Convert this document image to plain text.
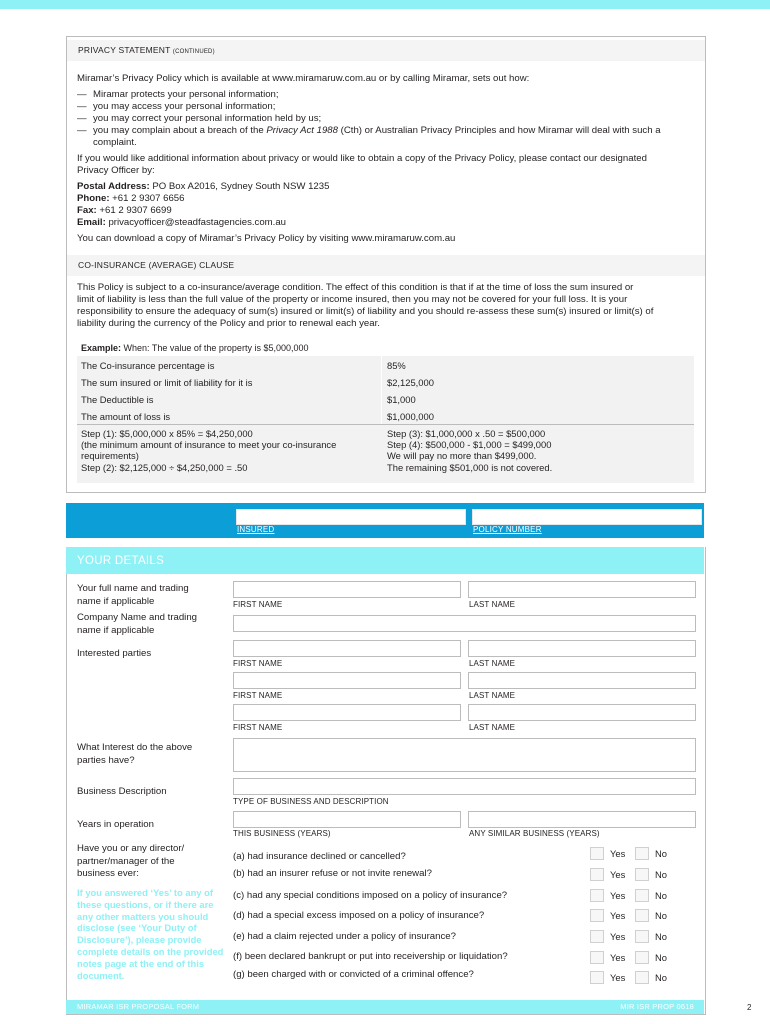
PRIVACY STATEMENT (CONTINUED)
CO-INSURANCE (AVERAGE) CLAUSE
Miramar’s Privacy Policy which is available at www.miramaruw.com.au or by calling Miramar, sets out how:
— Miramar protects your personal information;
— you may access your personal information;
— you may correct your personal information held by us;
— you may complain about a breach of the Privacy Act 1988 (Cth) or Australian Privacy Principles and how Miramar will deal with such a
complaint.
If you would like additional information about privacy or would like to obtain a copy of the Privacy Policy, please contact our designated
Privacy Officer by:
Postal Address: PO Box A2016, Sydney South NSW 1235
Phone: +61 2 9307 6656
Fax: +61 2 9307 6699
Email: privacyofficer@steadfastagencies.com.au
You can download a copy of Miramar’s Privacy Policy by visiting www.miramaruw.com.au
This Policy is subject to a co-insurance/average condition. The effect of this condition is that if at the time of loss the sum insured or
limit of liability is less than the full value of the property or income insured, then you may not be covered for your full loss. It is your
responsibility to ensure the adequacy of sum(s) insured or limit(s) of liability and you should re-assess these sum(s) insured or limit(s) of
liability during the currency of the Policy and prior to renewal each year.
Example: When: The value of the property is $5,000,000
The Co-insurance percentage is	85%
The sum insured or limit of liability for it is	$2,125,000
The Deductible is	$1,000
The amount of loss is	$1,000,000
Step (1): $5,000,000 x 85% = $4,250,000
(the minimum amount of insurance to meet your co-insurance
requirements)
Step (2): $2,125,000 ÷ $4,250,000 = .50
Step (3): $1,000,000 x .50 = $500,000
Step (4): $500,000 - $1,000 = $499,000
We will pay no more than $499,000.
The remaining $501,000 is not covered.
INSURED	POLICY NUMBER
YOUR DETAILS
Your full name and trading
name if applicable	FIRST NAME	LAST NAME
Company Name and trading
name if applicable
Interested parties
FIRST NAME	LAST NAME
FIRST NAME	LAST NAME
FIRST NAME	LAST NAME
What Interest do the above
parties have?
Business Description
TYPE OF BUSINESS AND DESCRIPTION
Years in operation
THIS BUSINESS (YEARS)	ANY SIMILAR BUSINESS (YEARS)
Have you or any director/
partner/manager of the
business ever:
If you answered ‘Yes’ to any of these questions, or if there are any other matters you should disclose (see ‘Your Duty of Disclosure’), please provide complete details on the provided notes page at the end of this document.
(a) had insurance declined or cancelled?	Yes	No
(b) had an insurer refuse or not invite renewal?	Yes	No
(c) had any special conditions imposed on a policy of insurance?	Yes	No
(d) had a special excess imposed on a policy of insurance?	Yes	No
(e) had a claim rejected under a policy of insurance?	Yes	No
(f) been declared bankrupt or put into receivership or liquidation?	Yes	No
(g) been charged with or convicted of a criminal offence?	Yes	No
MIRAMAR ISR PROPOSAL FORM	MIR ISR PROP 0618	2
